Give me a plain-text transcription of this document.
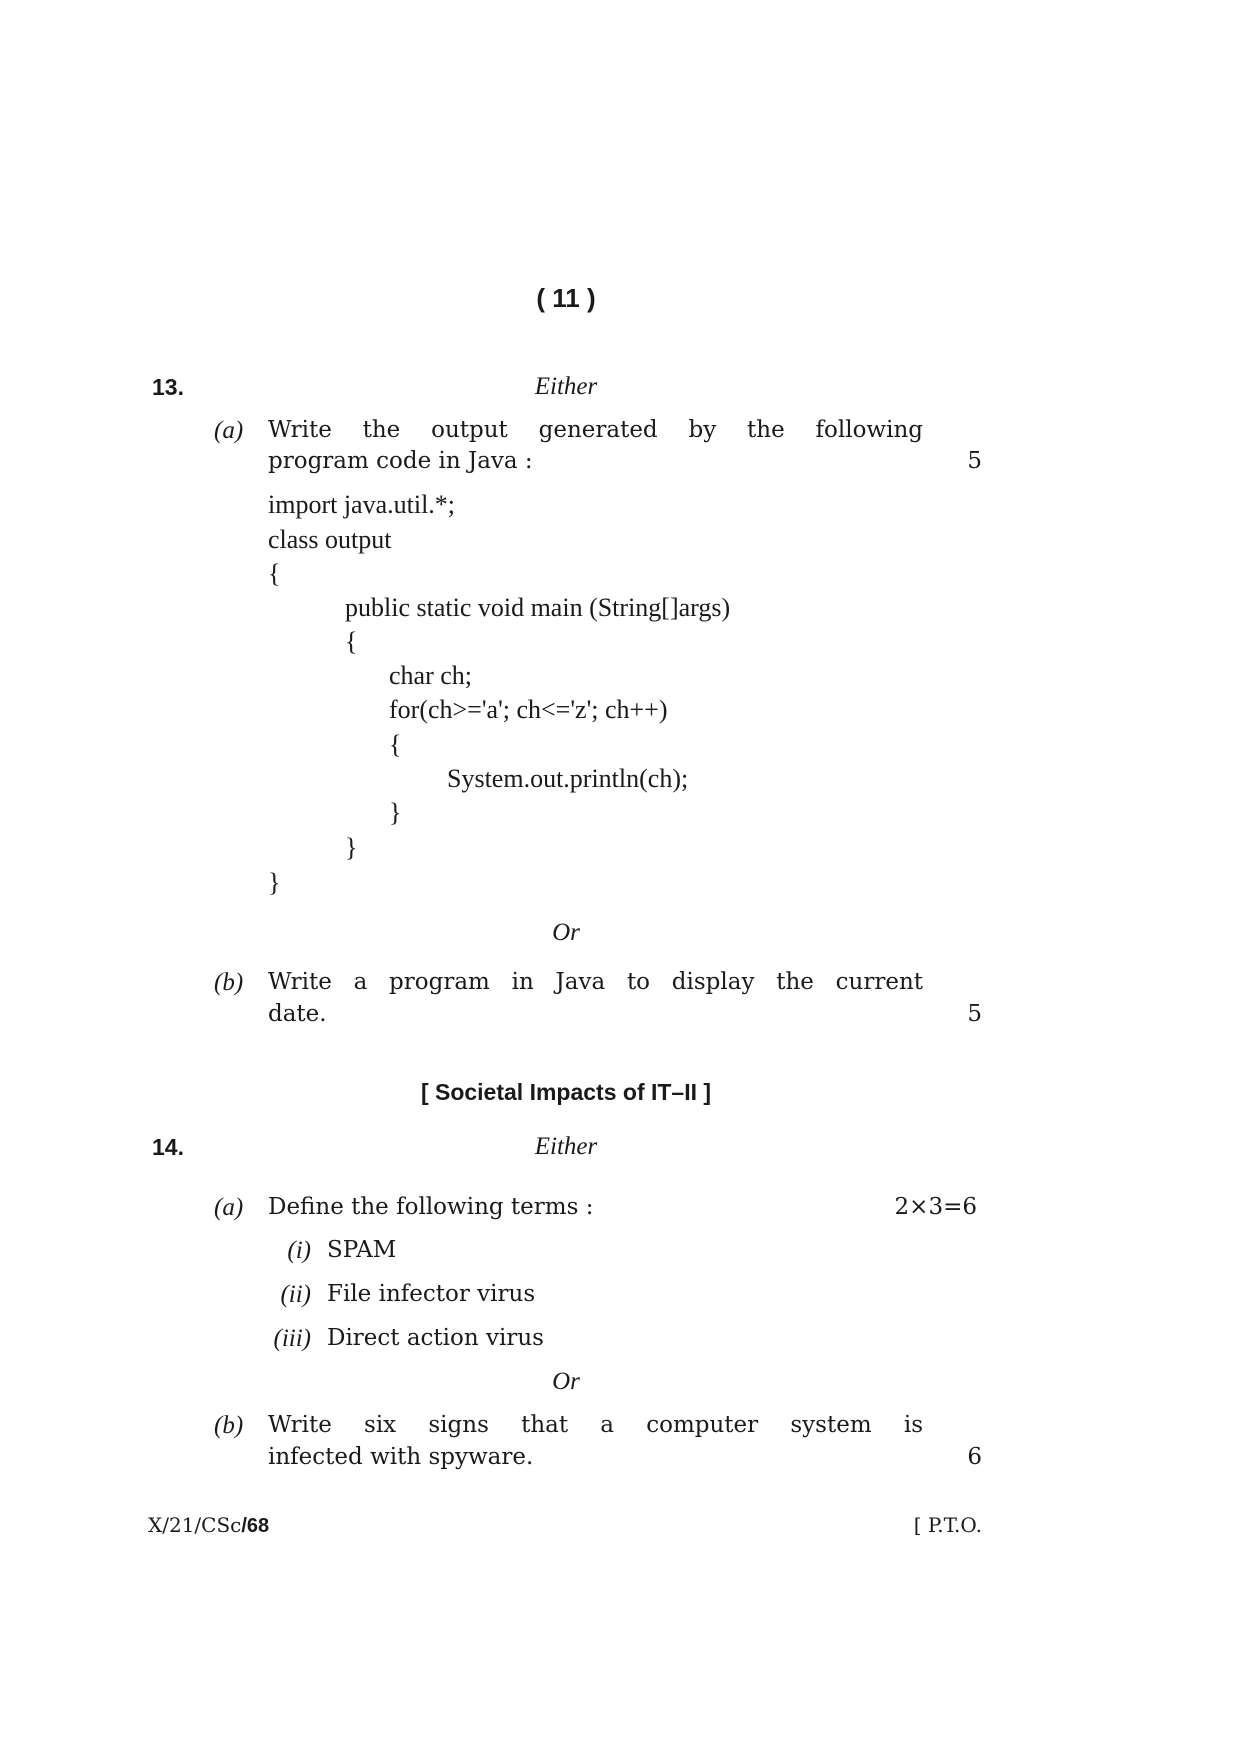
( 11 )
13.	Either
(a) Write the output generated by the following
program code in Java :	5
import java.util.*;
class output
{
public static void main (String[]args)
{
char ch;
for(ch>='a'; ch<='z'; ch++)
{
System.out.println(ch);
}
}
}
Or
(b) Write a program in Java to display the current
date.	5
[ Societal Impacts of IT–II ]
14.	Either
(a) Define the following terms :	2×3=6
(i) SPAM
(ii) File infector virus
(iii) Direct action virus
Or
(b) Write six signs that a computer system is
infected with spyware.	6
X/21/CSc/68	[ P.T.O.
